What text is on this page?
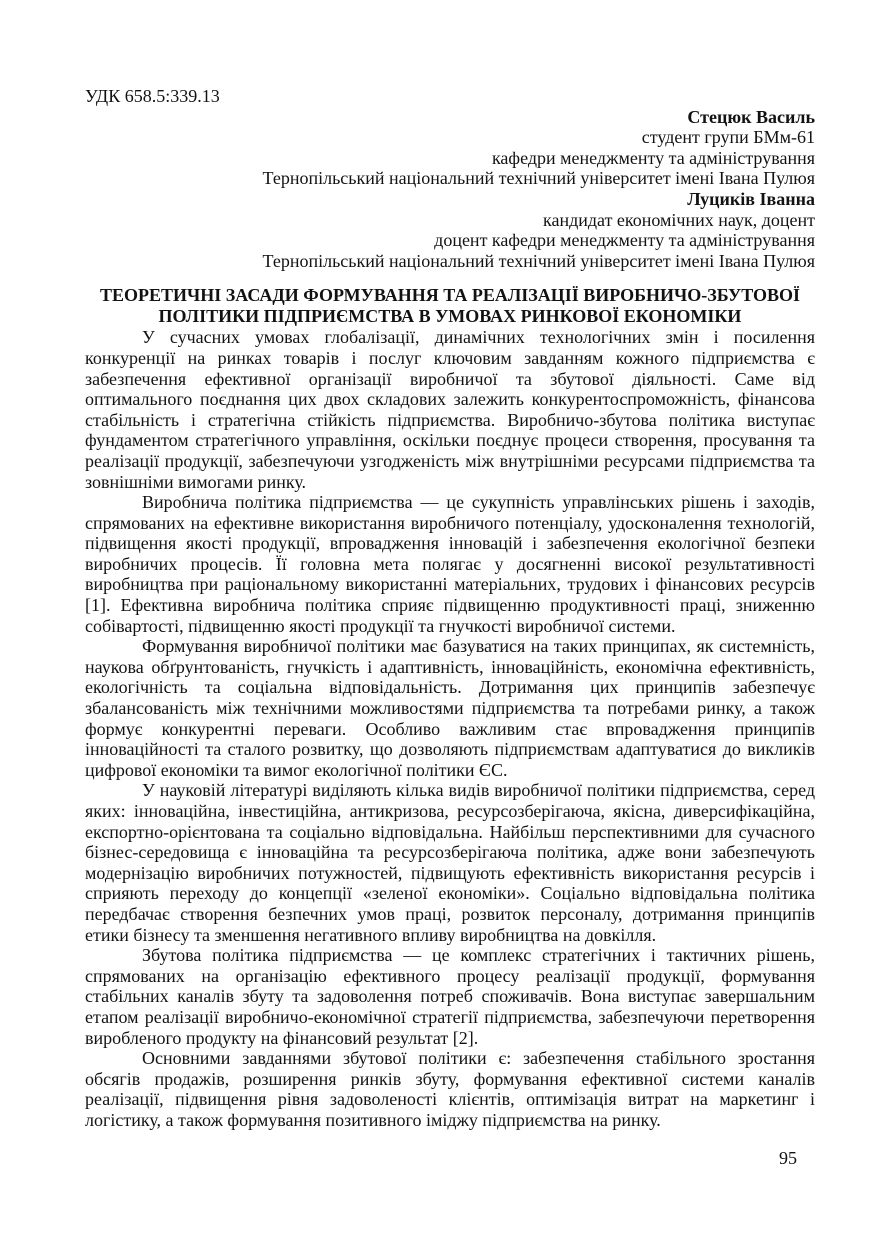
УДК 658.5:339.13
Стецюк Василь
студент групи БМм-61
кафедри менеджменту та адміністрування
Тернопільський національний технічний університет імені Івана Пулюя
Луциків Іванна
кандидат економічних наук, доцент
доцент кафедри менеджменту та адміністрування
Тернопільський національний технічний університет імені Івана Пулюя
ТЕОРЕТИЧНІ ЗАСАДИ ФОРМУВАННЯ ТА РЕАЛІЗАЦІЇ ВИРОБНИЧО-ЗБУТОВОЇ ПОЛІТИКИ ПІДПРИЄМСТВА В УМОВАХ РИНКОВОЇ ЕКОНОМІКИ

У сучасних умовах глобалізації, динамічних технологічних змін і посилення конкуренції на ринках товарів і послуг ключовим завданням кожного підприємства є забезпечення ефективної організації виробничої та збутової діяльності. Саме від оптимального поєднання цих двох складових залежить конкурентоспроможність, фінансова стабільність і стратегічна стійкість підприємства. Виробничо-збутова політика виступає фундаментом стратегічного управління, оскільки поєднує процеси створення, просування та реалізації продукції, забезпечуючи узгодженість між внутрішніми ресурсами підприємства та зовнішніми вимогами ринку.

Виробнича політика підприємства — це сукупність управлінських рішень і заходів, спрямованих на ефективне використання виробничого потенціалу, удосконалення технологій, підвищення якості продукції, впровадження інновацій і забезпечення екологічної безпеки виробничих процесів. Її головна мета полягає у досягненні високої результативності виробництва при раціональному використанні матеріальних, трудових і фінансових ресурсів [1]. Ефективна виробнича політика сприяє підвищенню продуктивності праці, зниженню собівартості, підвищенню якості продукції та гнучкості виробничої системи.

Формування виробничої політики має базуватися на таких принципах, як системність, наукова обґрунтованість, гнучкість і адаптивність, інноваційність, економічна ефективність, екологічність та соціальна відповідальність. Дотримання цих принципів забезпечує збалансованість між технічними можливостями підприємства та потребами ринку, а також формує конкурентні переваги. Особливо важливим стає впровадження принципів інноваційності та сталого розвитку, що дозволяють підприємствам адаптуватися до викликів цифрової економіки та вимог екологічної політики ЄС.

У науковій літературі виділяють кілька видів виробничої політики підприємства, серед яких: інноваційна, інвестиційна, антикризова, ресурсозберігаюча, якісна, диверсифікаційна, експортно-орієнтована та соціально відповідальна. Найбільш перспективними для сучасного бізнес-середовища є інноваційна та ресурсозберігаюча політика, адже вони забезпечують модернізацію виробничих потужностей, підвищують ефективність використання ресурсів і сприяють переходу до концепції «зеленої економіки». Соціально відповідальна політика передбачає створення безпечних умов праці, розвиток персоналу, дотримання принципів етики бізнесу та зменшення негативного впливу виробництва на довкілля.

Збутова політика підприємства — це комплекс стратегічних і тактичних рішень, спрямованих на організацію ефективного процесу реалізації продукції, формування стабільних каналів збуту та задоволення потреб споживачів. Вона виступає завершальним етапом реалізації виробничо-економічної стратегії підприємства, забезпечуючи перетворення виробленого продукту на фінансовий результат [2].

Основними завданнями збутової політики є: забезпечення стабільного зростання обсягів продажів, розширення ринків збуту, формування ефективної системи каналів реалізації, підвищення рівня задоволеності клієнтів, оптимізація витрат на маркетинг і логістику, а також формування позитивного іміджу підприємства на ринку.

95
